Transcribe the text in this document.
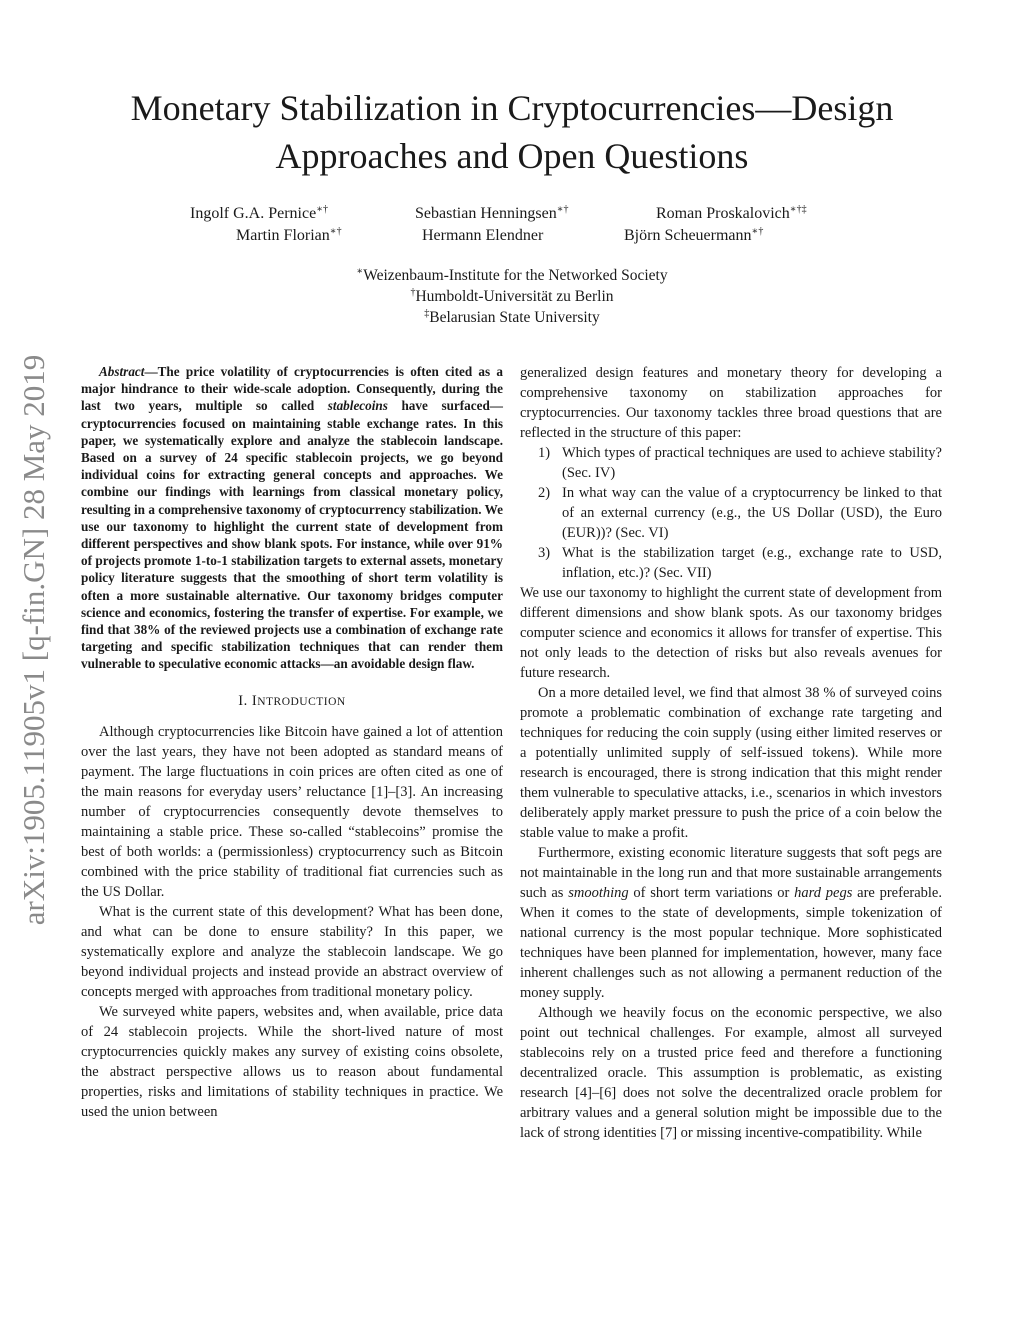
Monetary Stabilization in Cryptocurrencies—Design
Approaches and Open Questions
Ingolf G.A. Pernice∗†	Sebastian Henningsen∗†	Roman Proskalovich∗†‡
Martin Florian∗†	Hermann Elendner	Björn Scheuermann∗†
∗Weizenbaum-Institute for the Networked Society
†Humboldt-Universität zu Berlin
‡Belarusian State University
arXiv:1905.11905v1 [q-fin.GN] 28 May 2019	Abstract—The price volatility of cryptocurrencies is often cited as a major hindrance to their wide-scale adoption. Consequently, during the last two years, multiple so called stablecoins have surfaced—cryptocurrencies focused on maintaining stable exchange rates. In this paper, we systematically explore and analyze the stablecoin landscape. Based on a survey of 24 specific stablecoin projects, we go beyond individual coins for extracting general concepts and approaches. We combine our findings with learnings from classical monetary policy, resulting in a comprehensive taxonomy of cryptocurrency stabilization. We use our taxonomy to highlight the current state of development from different perspectives and show blank spots. For instance, while over 91% of projects promote 1-to-1 stabilization targets to external assets, monetary policy literature suggests that the smoothing of short term volatility is often a more sustainable alternative. Our taxonomy bridges computer science and economics, fostering the transfer of expertise. For example, we find that 38% of the reviewed projects use a combination of exchange rate targeting and specific stabilization techniques that can render them vulnerable to speculative economic attacks—an avoidable design flaw.

I. INTRODUCTION

Although cryptocurrencies like Bitcoin have gained a lot of attention over the last years, they have not been adopted as standard means of payment. The large fluctuations in coin prices are often cited as one of the main reasons for everyday users’ reluctance [1]–[3]. An increasing number of cryptocurrencies consequently devote themselves to maintaining a stable price. These so-called “stablecoins” promise the best of both worlds: a (permissionless) cryptocurrency such as Bitcoin combined with the price stability of traditional fiat currencies such as the US Dollar.

What is the current state of this development? What has been done, and what can be done to ensure stability? In this paper, we systematically explore and analyze the stablecoin landscape. We go beyond individual projects and instead provide an abstract overview of concepts merged with approaches from traditional monetary policy.

We surveyed white papers, websites and, when available, price data of 24 stablecoin projects. While the short-lived nature of most cryptocurrencies quickly makes any survey of existing coins obsolete, the abstract perspective allows us to reason about fundamental properties, risks and limitations of stability techniques in practice. We used the union between

generalized design features and monetary theory for developing a comprehensive taxonomy on stabilization approaches for cryptocurrencies. Our taxonomy tackles three broad questions that are reflected in the structure of this paper:

1) Which types of practical techniques are used to achieve stability? (Sec. IV)
2) In what way can the value of a cryptocurrency be linked to that of an external currency (e.g., the US Dollar (USD), the Euro (EUR))? (Sec. VI)
3) What is the stabilization target (e.g., exchange rate to USD, inflation, etc.)? (Sec. VII)

We use our taxonomy to highlight the current state of development from different dimensions and show blank spots. As our taxonomy bridges computer science and economics it allows for transfer of expertise. This not only leads to the detection of risks but also reveals avenues for future research.

On a more detailed level, we find that almost 38 % of surveyed coins promote a problematic combination of exchange rate targeting and techniques for reducing the coin supply (using either limited reserves or a potentially unlimited supply of self-issued tokens). While more research is encouraged, there is strong indication that this might render them vulnerable to speculative attacks, i.e., scenarios in which investors deliberately apply market pressure to push the price of a coin below the stable value to make a profit.

Furthermore, existing economic literature suggests that soft pegs are not maintainable in the long run and that more sustainable arrangements such as smoothing of short term variations or hard pegs are preferable. When it comes to the state of developments, simple tokenization of national currency is the most popular technique. More sophisticated techniques have been planned for implementation, however, many face inherent challenges such as not allowing a permanent reduction of the money supply.

Although we heavily focus on the economic perspective, we also point out technical challenges. For example, almost all surveyed stablecoins rely on a trusted price feed and therefore a functioning decentralized oracle. This assumption is problematic, as existing research [4]–[6] does not solve the decentralized oracle problem for arbitrary values and a general solution might be impossible due to the lack of strong identities [7] or missing incentive-compatibility. While
